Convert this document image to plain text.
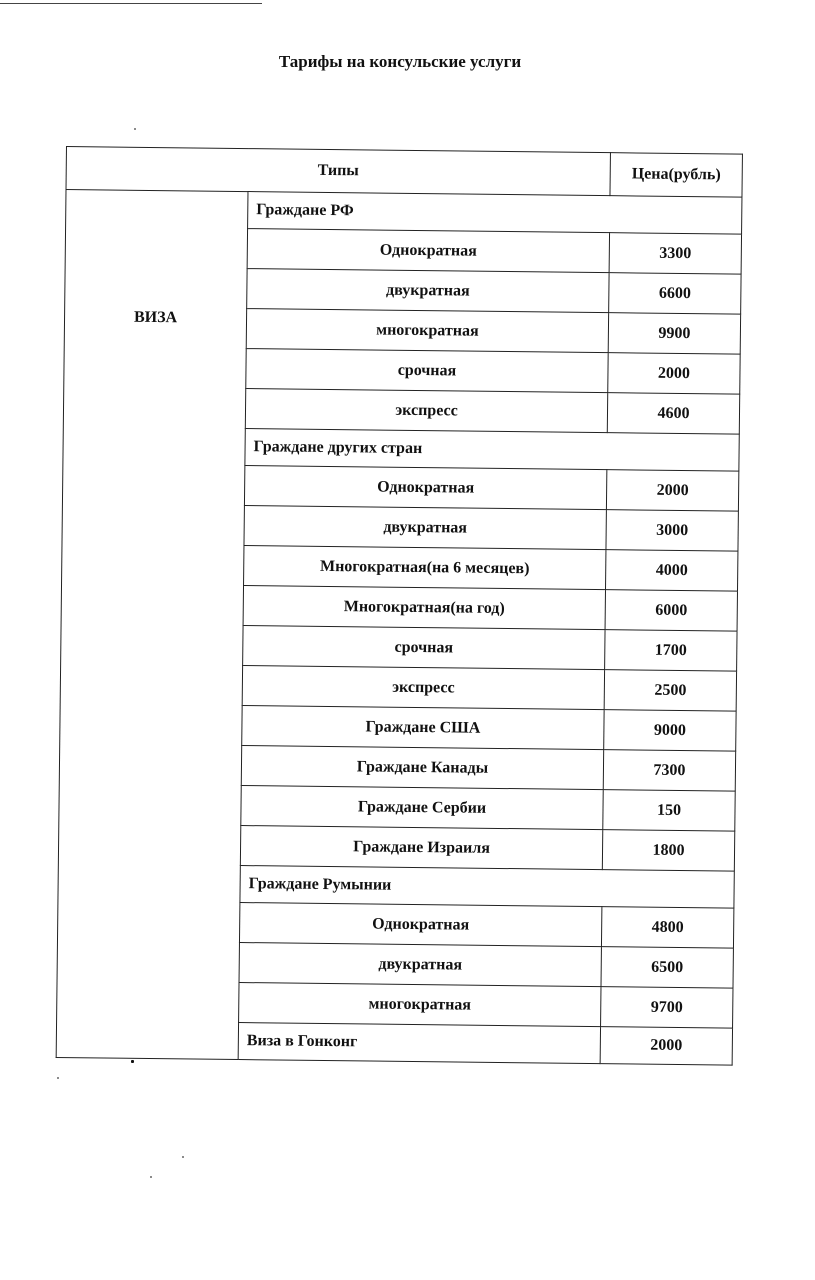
Тарифы на консульские услуги
Типы		Цена(рубль)
ВИЗА	Граждане РФ	
	Однократная	3300
	двукратная	6600
	многократная	9900
	срочная	2000
	экспресс	4600
	Граждане других стран	
	Однократная	2000
	двукратная	3000
	Многократная(на 6 месяцев)	4000
	Многократная(на год)	6000
	срочная	1700
	экспресс	2500
	Граждане США	9000
	Граждане Канады	7300
	Граждане Сербии	150
	Граждане Израиля	1800
	Граждане Румынии	
	Однократная	4800
	двукратная	6500
	многократная	9700
	Виза в Гонконг	2000
